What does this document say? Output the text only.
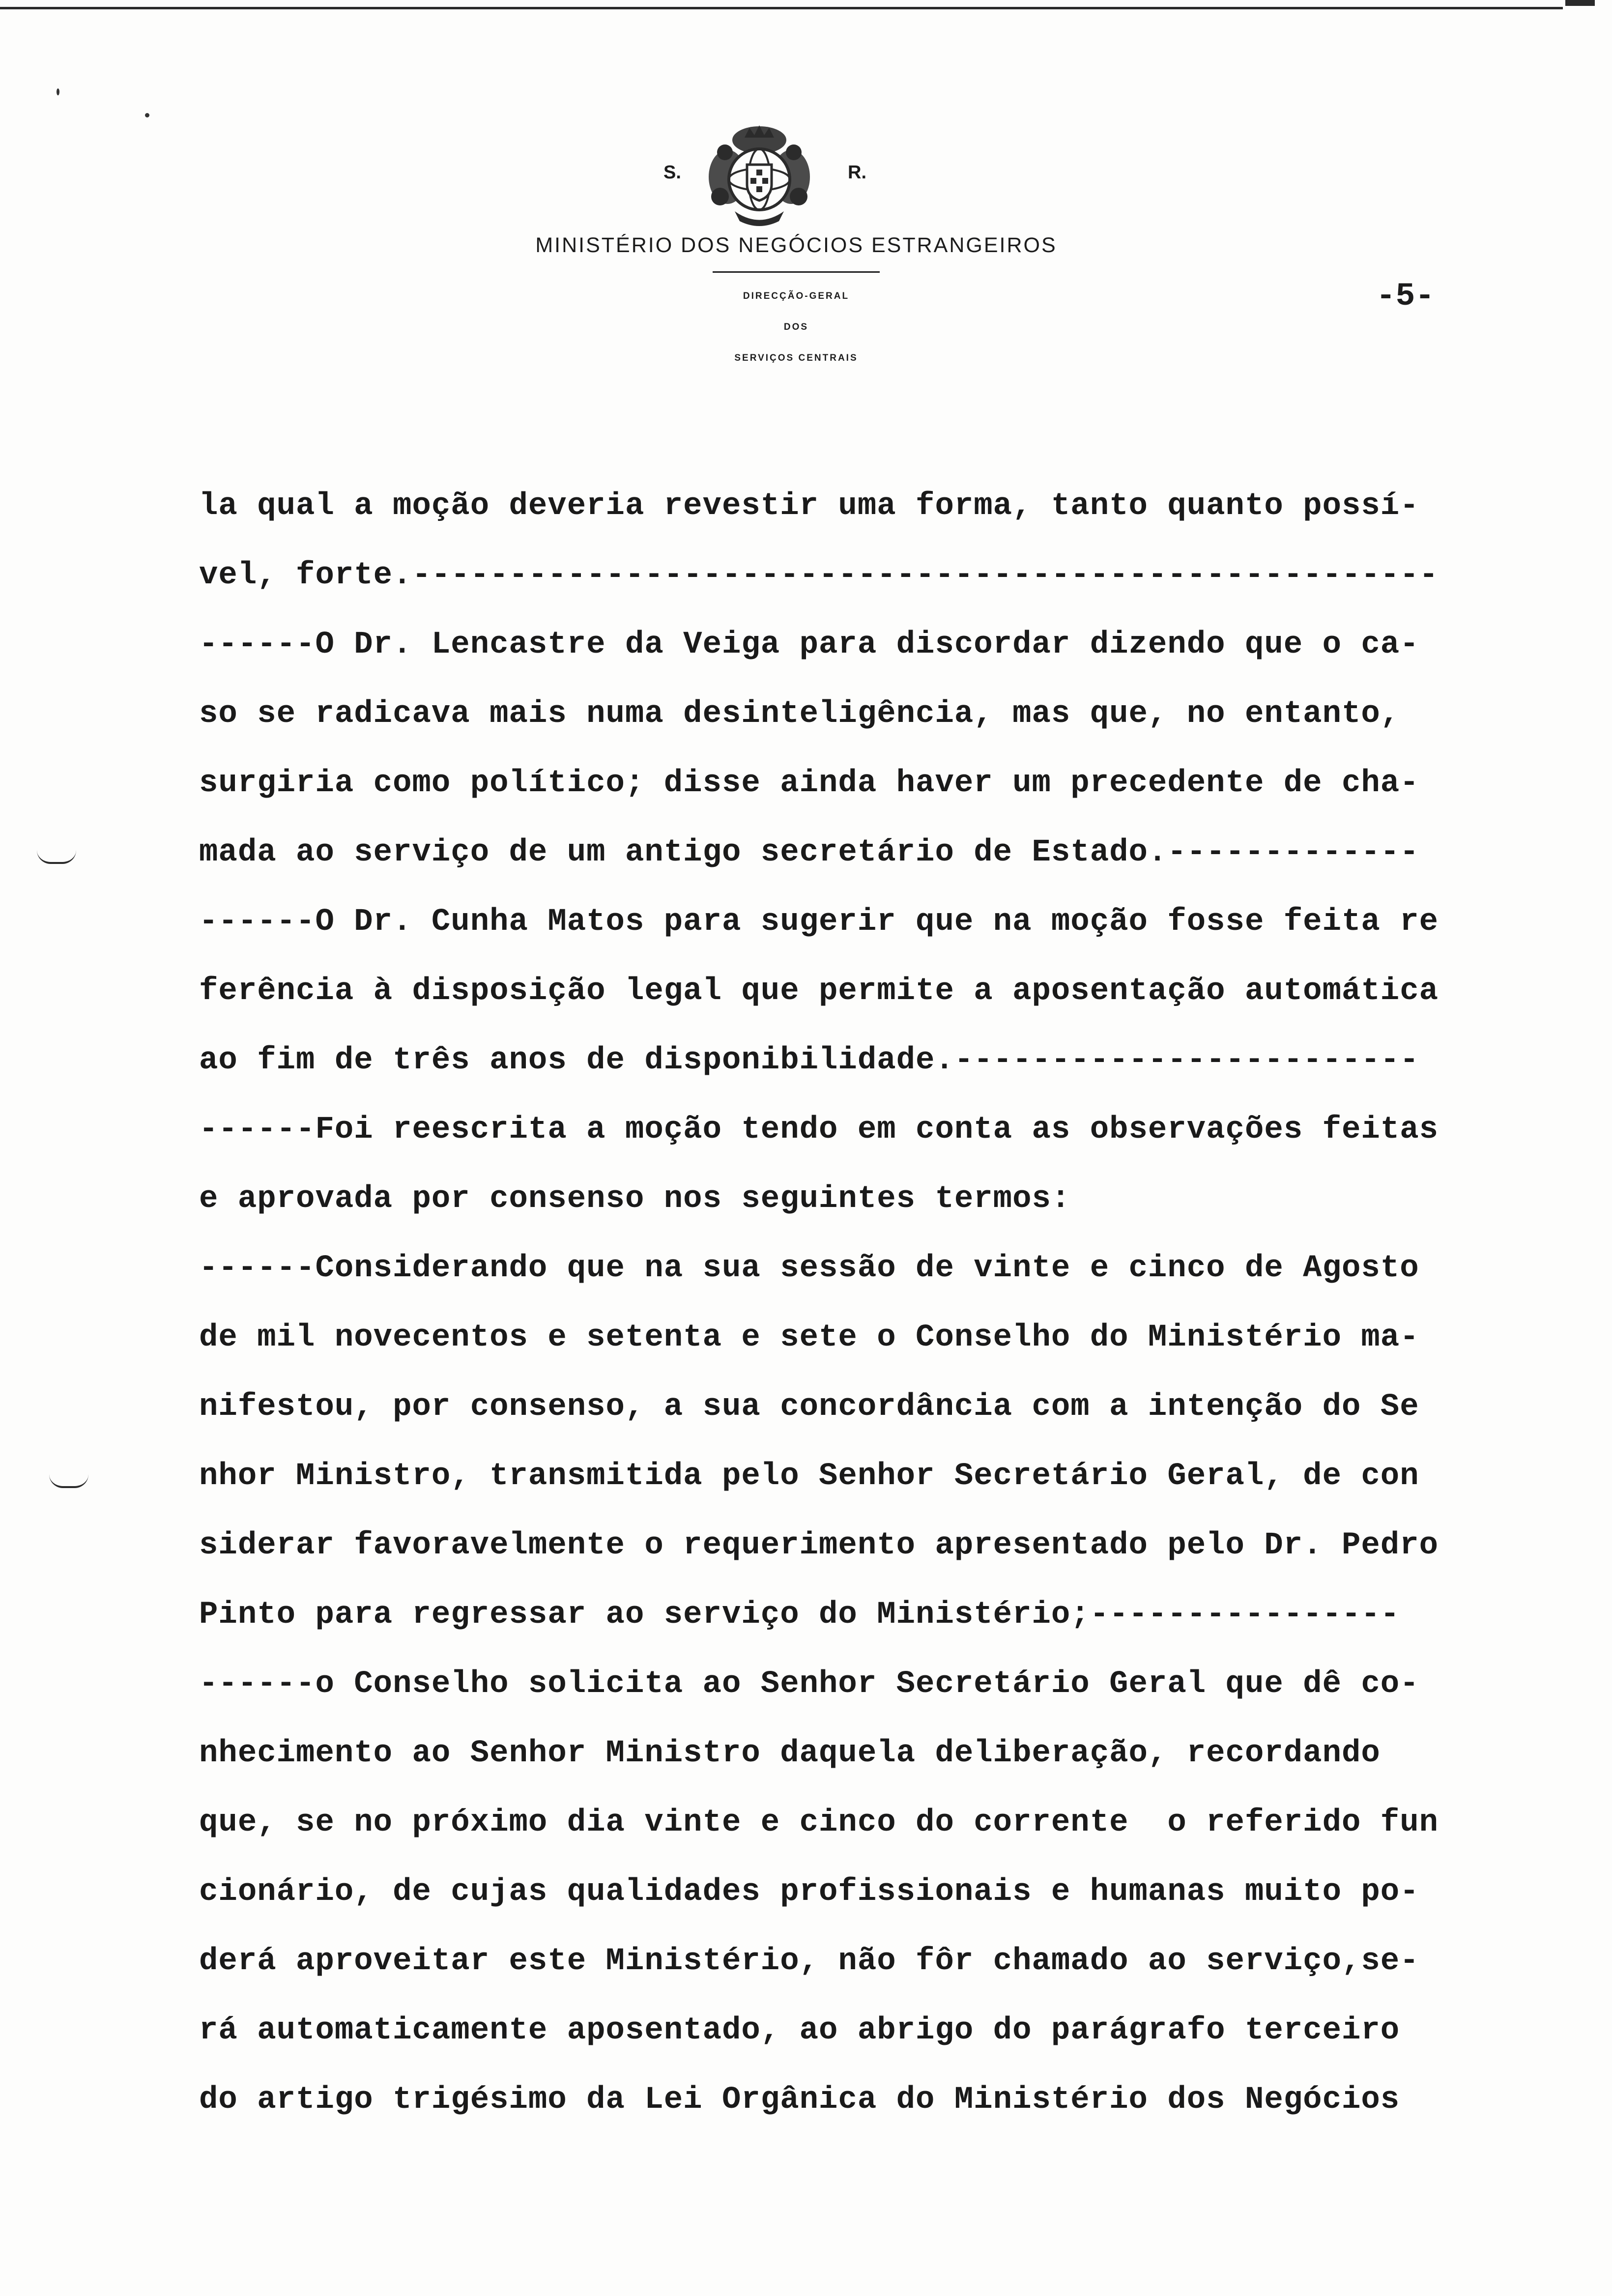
S.	R.
MINISTÉRIO DOS NEGÓCIOS ESTRANGEIROS
DIRECÇÃO-GERAL
DOS
SERVIÇOS CENTRAIS
-5-
la qual a moção deveria revestir uma forma, tanto quanto possí-
vel, forte.-----------------------------------------------------
------O Dr. Lencastre da Veiga para discordar dizendo que o ca-
so se radicava mais numa desinteligência, mas que, no entanto,
surgiria como político; disse ainda haver um precedente de cha-
mada ao serviço de um antigo secretário de Estado.-------------
------O Dr. Cunha Matos para sugerir que na moção fosse feita re
ferência à disposição legal que permite a aposentação automática
ao fim de três anos de disponibilidade.------------------------
------Foi reescrita a moção tendo em conta as observações feitas
e aprovada por consenso nos seguintes termos:
------Considerando que na sua sessão de vinte e cinco de Agosto
de mil novecentos e setenta e sete o Conselho do Ministério ma-
nifestou, por consenso, a sua concordância com a intenção do Se
nhor Ministro, transmitida pelo Senhor Secretário Geral, de con
siderar favoravelmente o requerimento apresentado pelo Dr. Pedro
Pinto para regressar ao serviço do Ministério;----------------
------o Conselho solicita ao Senhor Secretário Geral que dê co-
nhecimento ao Senhor Ministro daquela deliberação, recordando
que, se no próximo dia vinte e cinco do corrente  o referido fun
cionário, de cujas qualidades profissionais e humanas muito po-
derá aproveitar este Ministério, não fôr chamado ao serviço,se-
rá automaticamente aposentado, ao abrigo do parágrafo terceiro
do artigo trigésimo da Lei Orgânica do Ministério dos Negócios
